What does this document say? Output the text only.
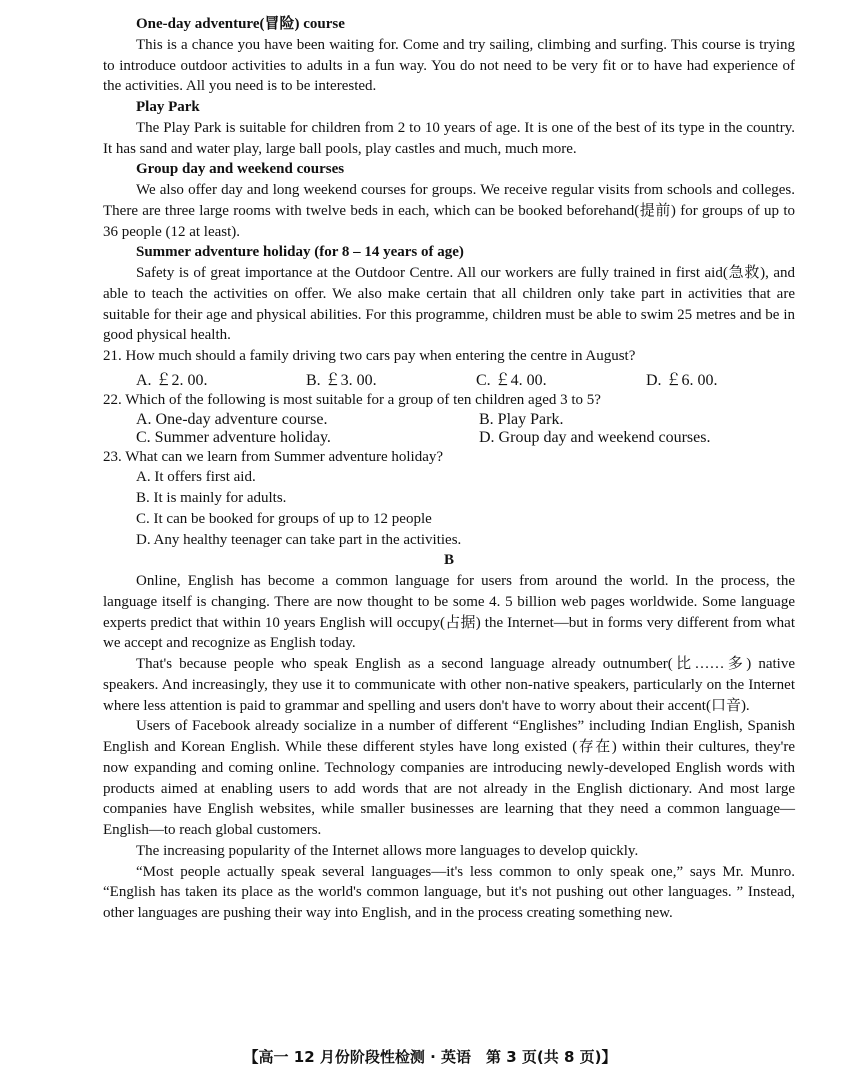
One-day adventure(冒险) course

This is a chance you have been waiting for. Come and try sailing, climbing and surfing. This course is trying to introduce outdoor activities to adults in a fun way. You do not need to be very fit or to have had experience of the activities. All you need is to be interested.

Play Park

The Play Park is suitable for children from 2 to 10 years of age. It is one of the best of its type in the country. It has sand and water play, large ball pools, play castles and much, much more.

Group day and weekend courses

We also offer day and long weekend courses for groups. We receive regular visits from schools and colleges. There are three large rooms with twelve beds in each, which can be booked beforehand(提前) for groups of up to 36 people (12 at least).

Summer adventure holiday (for 8 – 14 years of age)

Safety is of great importance at the Outdoor Centre. All our workers are fully trained in first aid(急救), and able to teach the activities on offer. We also make certain that all children only take part in activities that are suitable for their age and physical abilities. For this programme, children must be able to swim 25 metres and be in good physical health.

21. How much should a family driving two cars pay when entering the centre in August?

A. ￡2. 00.	B. ￡3. 00.	C. ￡4. 00.	D. ￡6. 00.

22. Which of the following is most suitable for a group of ten children aged 3 to 5?

A. One-day adventure course.	B. Play Park.
C. Summer adventure holiday.	D. Group day and weekend courses.

23. What can we learn from Summer adventure holiday?

A. It offers first aid.

B. It is mainly for adults.

C. It can be booked for groups of up to 12 people

D. Any healthy teenager can take part in the activities.

B

Online, English has become a common language for users from around the world. In the process, the language itself is changing. There are now thought to be some 4. 5 billion web pages worldwide. Some language experts predict that within 10 years English will occupy(占据) the Internet—but in forms very different from what we accept and recognize as English today.

That's because people who speak English as a second language already outnumber(比……多) native speakers. And increasingly, they use it to communicate with other non-native speakers, particularly on the Internet where less attention is paid to grammar and spelling and users don't have to worry about their accent(口音).

Users of Facebook already socialize in a number of different “Englishes” including Indian English, Spanish English and Korean English. While these different styles have long existed (存在) within their cultures, they're now expanding and coming online. Technology companies are introducing newly-developed English words with products aimed at enabling users to add words that are not already in the English dictionary. And most large companies have English websites, while smaller businesses are learning that they need a common language—English—to reach global customers.

The increasing popularity of the Internet allows more languages to develop quickly.

“Most people actually speak several languages—it's less common to only speak one,” says Mr. Munro. “English has taken its place as the world's common language, but it's not pushing out other languages. ” Instead, other languages are pushing their way into English, and in the process creating something new.

【高一 12 月份阶段性检测 · 英语　第 3 页(共 8 页)】
